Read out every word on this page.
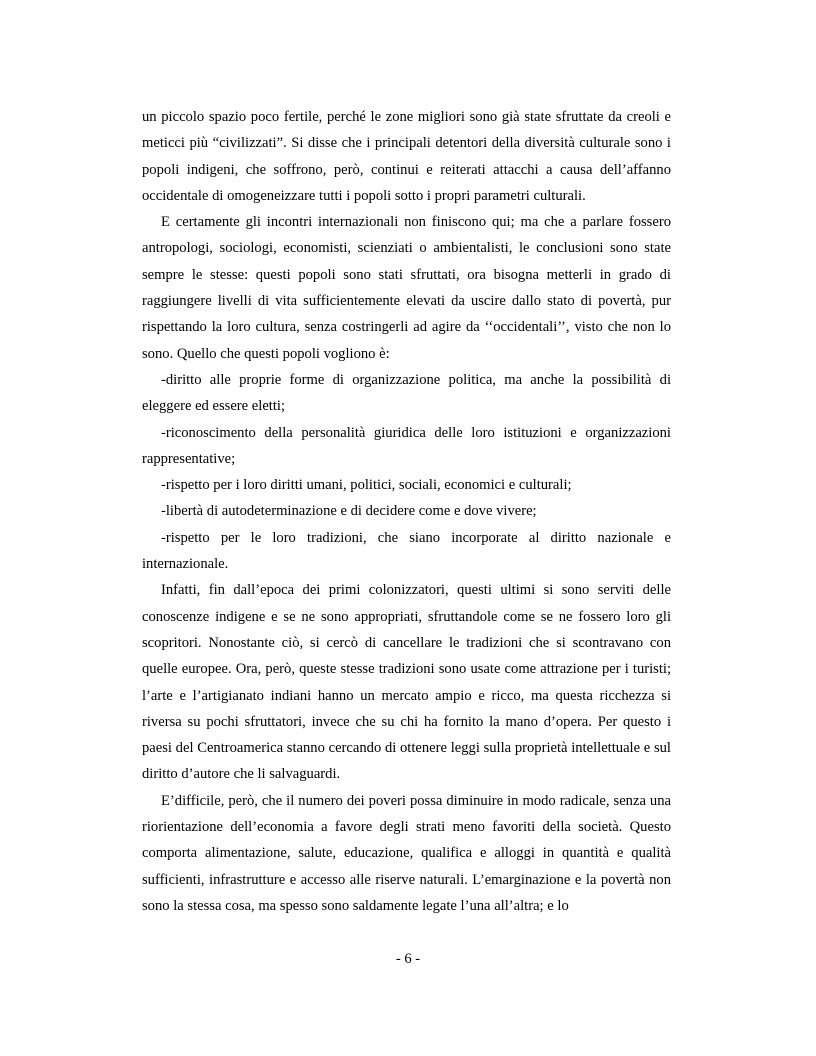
un piccolo spazio poco fertile, perché le zone migliori sono già state sfruttate da creoli e meticci più “civilizzati”. Si disse che i principali detentori della diversità culturale sono i popoli indigeni, che soffrono, però, continui e reiterati attacchi a causa dell’affanno occidentale di omogeneizzare tutti i popoli sotto i propri parametri culturali.

E certamente gli incontri internazionali non finiscono qui; ma che a parlare fossero antropologi, sociologi, economisti, scienziati o ambientalisti, le conclusioni sono state sempre le stesse: questi popoli sono stati sfruttati, ora bisogna metterli in grado di raggiungere livelli di vita sufficientemente elevati da uscire dallo stato di povertà, pur rispettando la loro cultura, senza costringerli ad agire da ‘‘occidentali’’, visto che non lo sono. Quello che questi popoli vogliono è:

-diritto alle proprie forme di organizzazione politica, ma anche la possibilità di eleggere ed essere eletti;

-riconoscimento della personalità giuridica delle loro istituzioni e organizzazioni rappresentative;

-rispetto per i loro diritti umani, politici, sociali, economici e culturali;

-libertà di autodeterminazione e di decidere come e dove vivere;

-rispetto per le loro tradizioni, che siano incorporate al diritto nazionale e internazionale.

Infatti, fin dall’epoca dei primi colonizzatori, questi ultimi si sono serviti delle conoscenze indigene e se ne sono appropriati, sfruttandole come se ne fossero loro gli scopritori. Nonostante ciò, si cercò di cancellare le tradizioni che si scontravano con quelle europee. Ora, però, queste stesse tradizioni sono usate come attrazione per i turisti; l’arte e l’artigianato indiani hanno un mercato ampio e ricco, ma questa ricchezza si riversa su pochi sfruttatori, invece che su chi ha fornito la mano d’opera. Per questo i paesi del Centroamerica stanno cercando di ottenere leggi sulla proprietà intellettuale e sul diritto d’autore che li salvaguardi.

E’difficile, però, che il numero dei poveri possa diminuire in modo radicale, senza una riorientazione dell’economia a favore degli strati meno favoriti della società. Questo comporta alimentazione, salute, educazione, qualifica e alloggi in quantità e qualità sufficienti, infrastrutture e accesso alle riserve naturali. L’emarginazione e la povertà non sono la stessa cosa, ma spesso sono saldamente legate l’una all’altra; e lo

- 6 -
